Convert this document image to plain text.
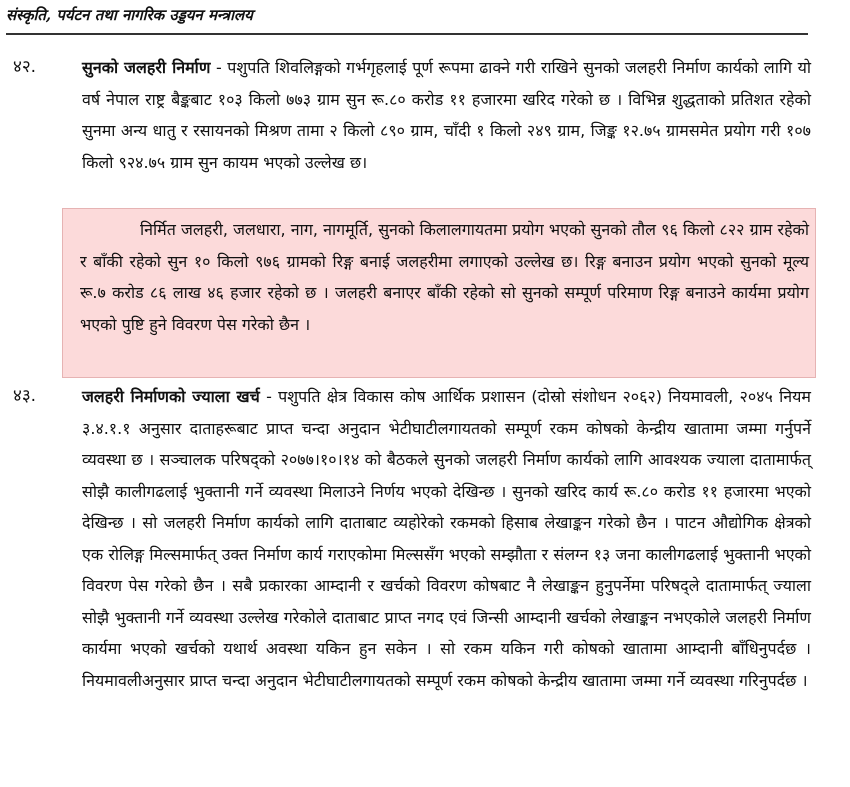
संस्कृति, पर्यटन तथा नागरिक उड्डयन मन्त्रालय
४२.	सुनको जलहरी निर्माण - पशुपति शिवलिङ्गको गर्भगृहलाई पूर्ण रूपमा ढाक्ने गरी राखिने सुनको जलहरी निर्माण कार्यको लागि यो वर्ष नेपाल राष्ट्र बैङ्कबाट १०३ किलो ७७३ ग्राम सुन रू.८० करोड ११ हजारमा खरिद गरेको छ । विभिन्न शुद्धताको प्रतिशत रहेको सुनमा अन्य धातु र रसायनको मिश्रण तामा २ किलो ८९० ग्राम, चाँदी १ किलो २४९ ग्राम, जिङ्क १२.७५ ग्रामसमेत प्रयोग गरी १०७ किलो ९२४.७५ ग्राम सुन कायम भएको उल्लेख छ।

निर्मित जलहरी, जलधारा, नाग, नागमूर्ति, सुनको किलालगायतमा प्रयोग भएको सुनको तौल ९६ किलो ८२२ ग्राम रहेको र बाँकी रहेको सुन १० किलो ९७६ ग्रामको रिङ्ग बनाई जलहरीमा लगाएको उल्लेख छ। रिङ्ग बनाउन प्रयोग भएको सुनको मूल्य रू.७ करोड ८६ लाख ४६ हजार रहेको छ । जलहरी बनाएर बाँकी रहेको सो सुनको सम्पूर्ण परिमाण रिङ्ग बनाउने कार्यमा प्रयोग भएको पुष्टि हुने विवरण पेस गरेको छैन ।

४३.	जलहरी निर्माणको ज्याला खर्च - पशुपति क्षेत्र विकास कोष आर्थिक प्रशासन (दोस्रो संशोधन २०६२) नियमावली, २०४५ नियम ३.४.१.१ अनुसार दाताहरूबाट प्राप्त चन्दा अनुदान भेटीघाटीलगायतको सम्पूर्ण रकम कोषको केन्द्रीय खातामा जम्मा गर्नुपर्ने व्यवस्था छ । सञ्चालक परिषद्को २०७७।१०।१४ को बैठकले सुनको जलहरी निर्माण कार्यको लागि आवश्यक ज्याला दातामार्फत् सोझै कालीगढलाई भुक्तानी गर्ने व्यवस्था मिलाउने निर्णय भएको देखिन्छ । सुनको खरिद कार्य रू.८० करोड ११ हजारमा भएको देखिन्छ । सो जलहरी निर्माण कार्यको लागि दाताबाट व्यहोरेको रकमको हिसाब लेखाङ्कन गरेको छैन । पाटन औद्योगिक क्षेत्रको एक रोलिङ्ग मिल्समार्फत् उक्त निर्माण कार्य गराएकोमा मिल्ससँग भएको सम्झौता र संलग्न १३ जना कालीगढलाई भुक्तानी भएको विवरण पेस गरेको छैन । सबै प्रकारका आम्दानी र खर्चको विवरण कोषबाट नै लेखाङ्कन हुनुपर्नेमा परिषद्ले दातामार्फत् ज्याला सोझै भुक्तानी गर्ने व्यवस्था उल्लेख गरेकोले दाताबाट प्राप्त नगद एवं जिन्सी आम्दानी खर्चको लेखाङ्कन नभएकोले जलहरी निर्माण कार्यमा भएको खर्चको यथार्थ अवस्था यकिन हुन सकेन । सो रकम यकिन गरी कोषको खातामा आम्दानी बाँधिनुपर्दछ । नियमावलीअनुसार प्राप्त चन्दा अनुदान भेटीघाटीलगायतको सम्पूर्ण रकम कोषको केन्द्रीय खातामा जम्मा गर्ने व्यवस्था गरिनुपर्दछ ।
